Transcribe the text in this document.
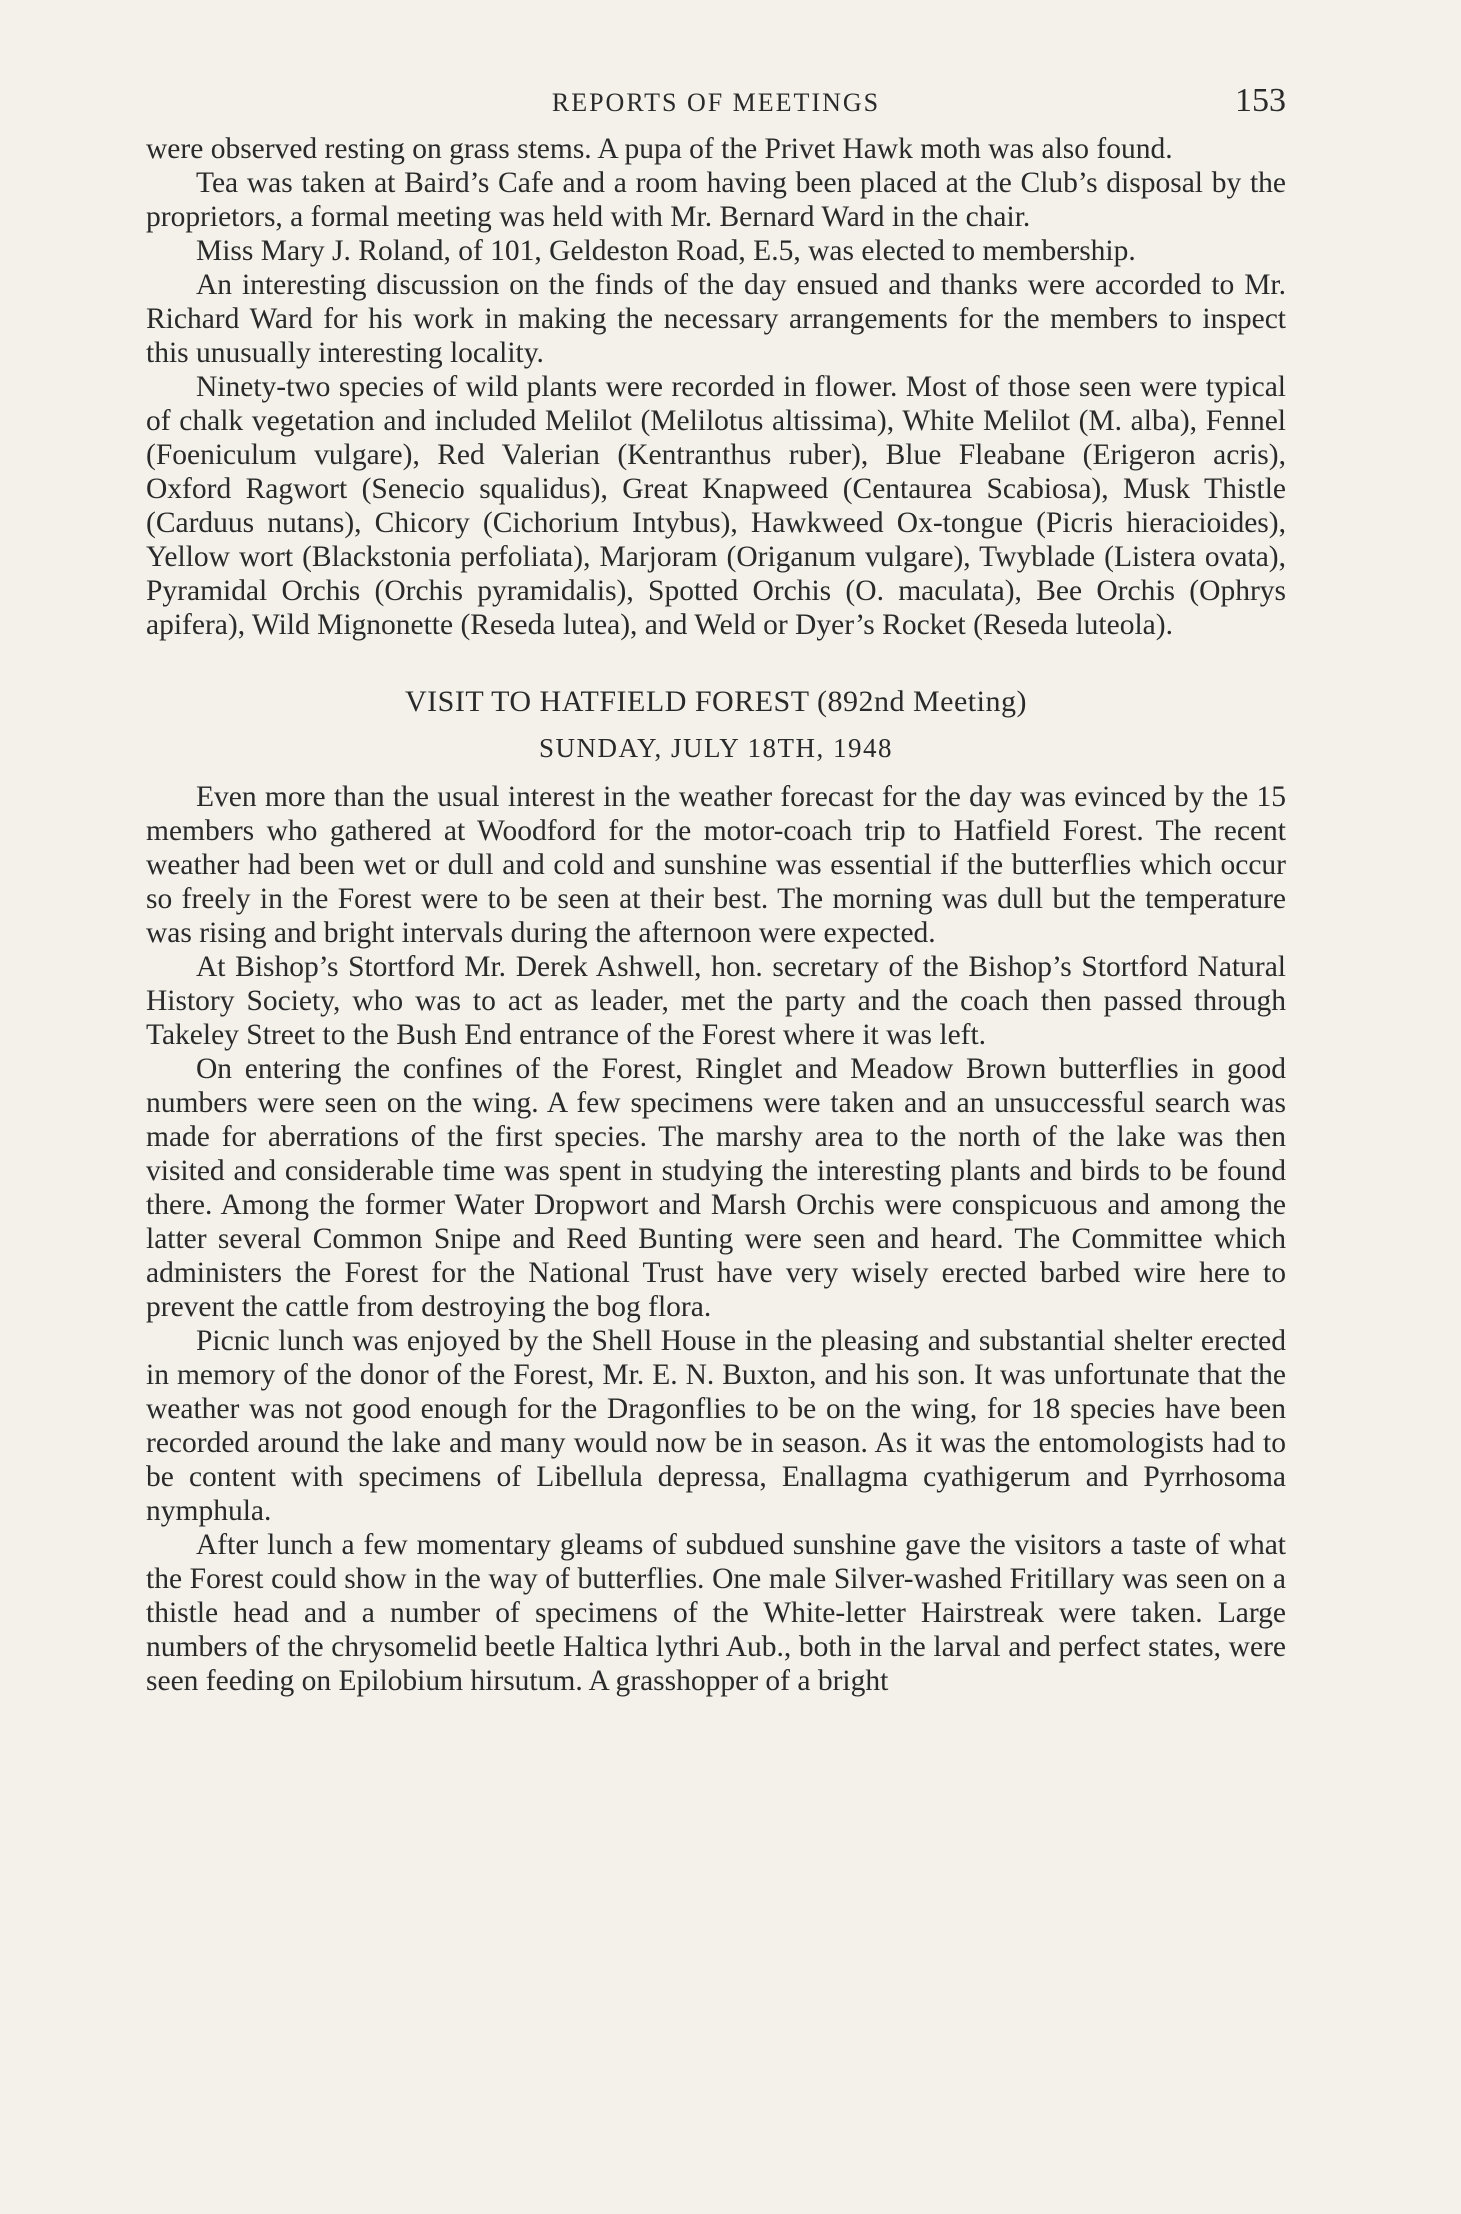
REPORTS OF MEETINGS	153

were observed resting on grass stems. A pupa of the Privet Hawk moth was also found.

Tea was taken at Baird’s Cafe and a room having been placed at the Club’s disposal by the proprietors, a formal meeting was held with Mr. Bernard Ward in the chair.

Miss Mary J. Roland, of 101, Geldeston Road, E.5, was elected to membership.

An interesting discussion on the finds of the day ensued and thanks were accorded to Mr. Richard Ward for his work in making the necessary arrangements for the members to inspect this unusually interesting locality.

Ninety-two species of wild plants were recorded in flower. Most of those seen were typical of chalk vegetation and included Melilot (Melilotus altissima), White Melilot (M. alba), Fennel (Foeniculum vulgare), Red Valerian (Kentranthus ruber), Blue Fleabane (Erigeron acris), Oxford Ragwort (Senecio squalidus), Great Knapweed (Centaurea Scabiosa), Musk Thistle (Carduus nutans), Chicory (Cichorium Intybus), Hawkweed Ox-tongue (Picris hieracioides), Yellow wort (Blackstonia perfoliata), Marjoram (Origanum vulgare), Twyblade (Listera ovata), Pyramidal Orchis (Orchis pyramidalis), Spotted Orchis (O. maculata), Bee Orchis (Ophrys apifera), Wild Mignonette (Reseda lutea), and Weld or Dyer’s Rocket (Reseda luteola).

VISIT TO HATFIELD FOREST (892nd Meeting)
SUNDAY, JULY 18TH, 1948

Even more than the usual interest in the weather forecast for the day was evinced by the 15 members who gathered at Woodford for the motor-coach trip to Hatfield Forest. The recent weather had been wet or dull and cold and sunshine was essential if the butterflies which occur so freely in the Forest were to be seen at their best. The morning was dull but the temperature was rising and bright intervals during the afternoon were expected.

At Bishop’s Stortford Mr. Derek Ashwell, hon. secretary of the Bishop’s Stortford Natural History Society, who was to act as leader, met the party and the coach then passed through Takeley Street to the Bush End entrance of the Forest where it was left.

On entering the confines of the Forest, Ringlet and Meadow Brown butterflies in good numbers were seen on the wing. A few specimens were taken and an unsuccessful search was made for aberrations of the first species. The marshy area to the north of the lake was then visited and considerable time was spent in studying the interesting plants and birds to be found there. Among the former Water Dropwort and Marsh Orchis were conspicuous and among the latter several Common Snipe and Reed Bunting were seen and heard. The Committee which administers the Forest for the National Trust have very wisely erected barbed wire here to prevent the cattle from destroying the bog flora.

Picnic lunch was enjoyed by the Shell House in the pleasing and substantial shelter erected in memory of the donor of the Forest, Mr. E. N. Buxton, and his son. It was unfortunate that the weather was not good enough for the Dragonflies to be on the wing, for 18 species have been recorded around the lake and many would now be in season. As it was the entomologists had to be content with specimens of Libellula depressa, Enallagma cyathigerum and Pyrrhosoma nymphula.

After lunch a few momentary gleams of subdued sunshine gave the visitors a taste of what the Forest could show in the way of butterflies. One male Silver-washed Fritillary was seen on a thistle head and a number of specimens of the White-letter Hairstreak were taken. Large numbers of the chrysomelid beetle Haltica lythri Aub., both in the larval and perfect states, were seen feeding on Epilobium hirsutum. A grasshopper of a bright
